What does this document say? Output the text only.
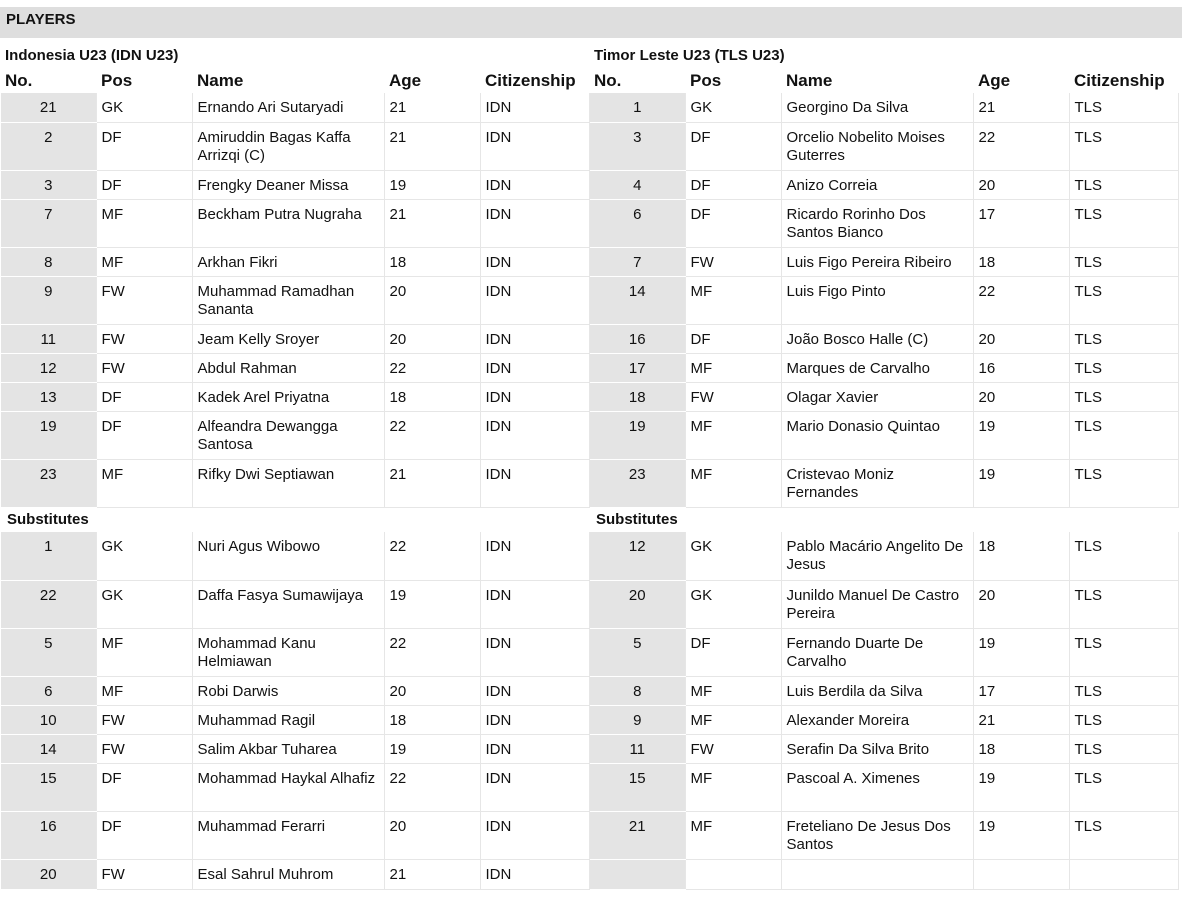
PLAYERS
Indonesia U23 (IDN U23)				
No.	Pos	Name	Age	Citizenship
21	GK	Ernando Ari Sutaryadi	21	IDN
2	DF	Amiruddin Bagas Kaffa Arrizqi (C)	21	IDN
3	DF	Frengky Deaner Missa	19	IDN
7	MF	Beckham Putra Nugraha	21	IDN
8	MF	Arkhan Fikri	18	IDN
9	FW	Muhammad Ramadhan Sananta	20	IDN
11	FW	Jeam Kelly Sroyer	20	IDN
12	FW	Abdul Rahman	22	IDN
13	DF	Kadek Arel Priyatna	18	IDN
19	DF	Alfeandra Dewangga Santosa	22	IDN
23	MF	Rifky Dwi Septiawan	21	IDN
Substitutes				
1	GK	Nuri Agus Wibowo	22	IDN
22	GK	Daffa Fasya Sumawijaya	19	IDN
5	MF	Mohammad Kanu Helmiawan	22	IDN
6	MF	Robi Darwis	20	IDN
10	FW	Muhammad Ragil	18	IDN
14	FW	Salim Akbar Tuharea	19	IDN
15	DF	Mohammad Haykal Alhafiz	22	IDN
16	DF	Muhammad Ferarri	20	IDN
20	FW	Esal Sahrul Muhrom	21	IDN
Timor Leste U23 (TLS U23)				
No.	Pos	Name	Age	Citizenship
1	GK	Georgino Da Silva	21	TLS
3	DF	Orcelio Nobelito Moises Guterres	22	TLS
4	DF	Anizo Correia	20	TLS
6	DF	Ricardo Rorinho Dos Santos Bianco	17	TLS
7	FW	Luis Figo Pereira Ribeiro	18	TLS
14	MF	Luis Figo Pinto	22	TLS
16	DF	João Bosco Halle (C)	20	TLS
17	MF	Marques de Carvalho	16	TLS
18	FW	Olagar Xavier	20	TLS
19	MF	Mario Donasio Quintao	19	TLS
23	MF	Cristevao Moniz Fernandes	19	TLS
Substitutes				
12	GK	Pablo Macário Angelito De Jesus	18	TLS
20	GK	Junildo Manuel De Castro Pereira	20	TLS
5	DF	Fernando Duarte De Carvalho	19	TLS
8	MF	Luis Berdila da Silva	17	TLS
9	MF	Alexander Moreira	21	TLS
11	FW	Serafin Da Silva Brito	18	TLS
15	MF	Pascoal A. Ximenes	19	TLS
21	MF	Freteliano De Jesus Dos Santos	19	TLS
